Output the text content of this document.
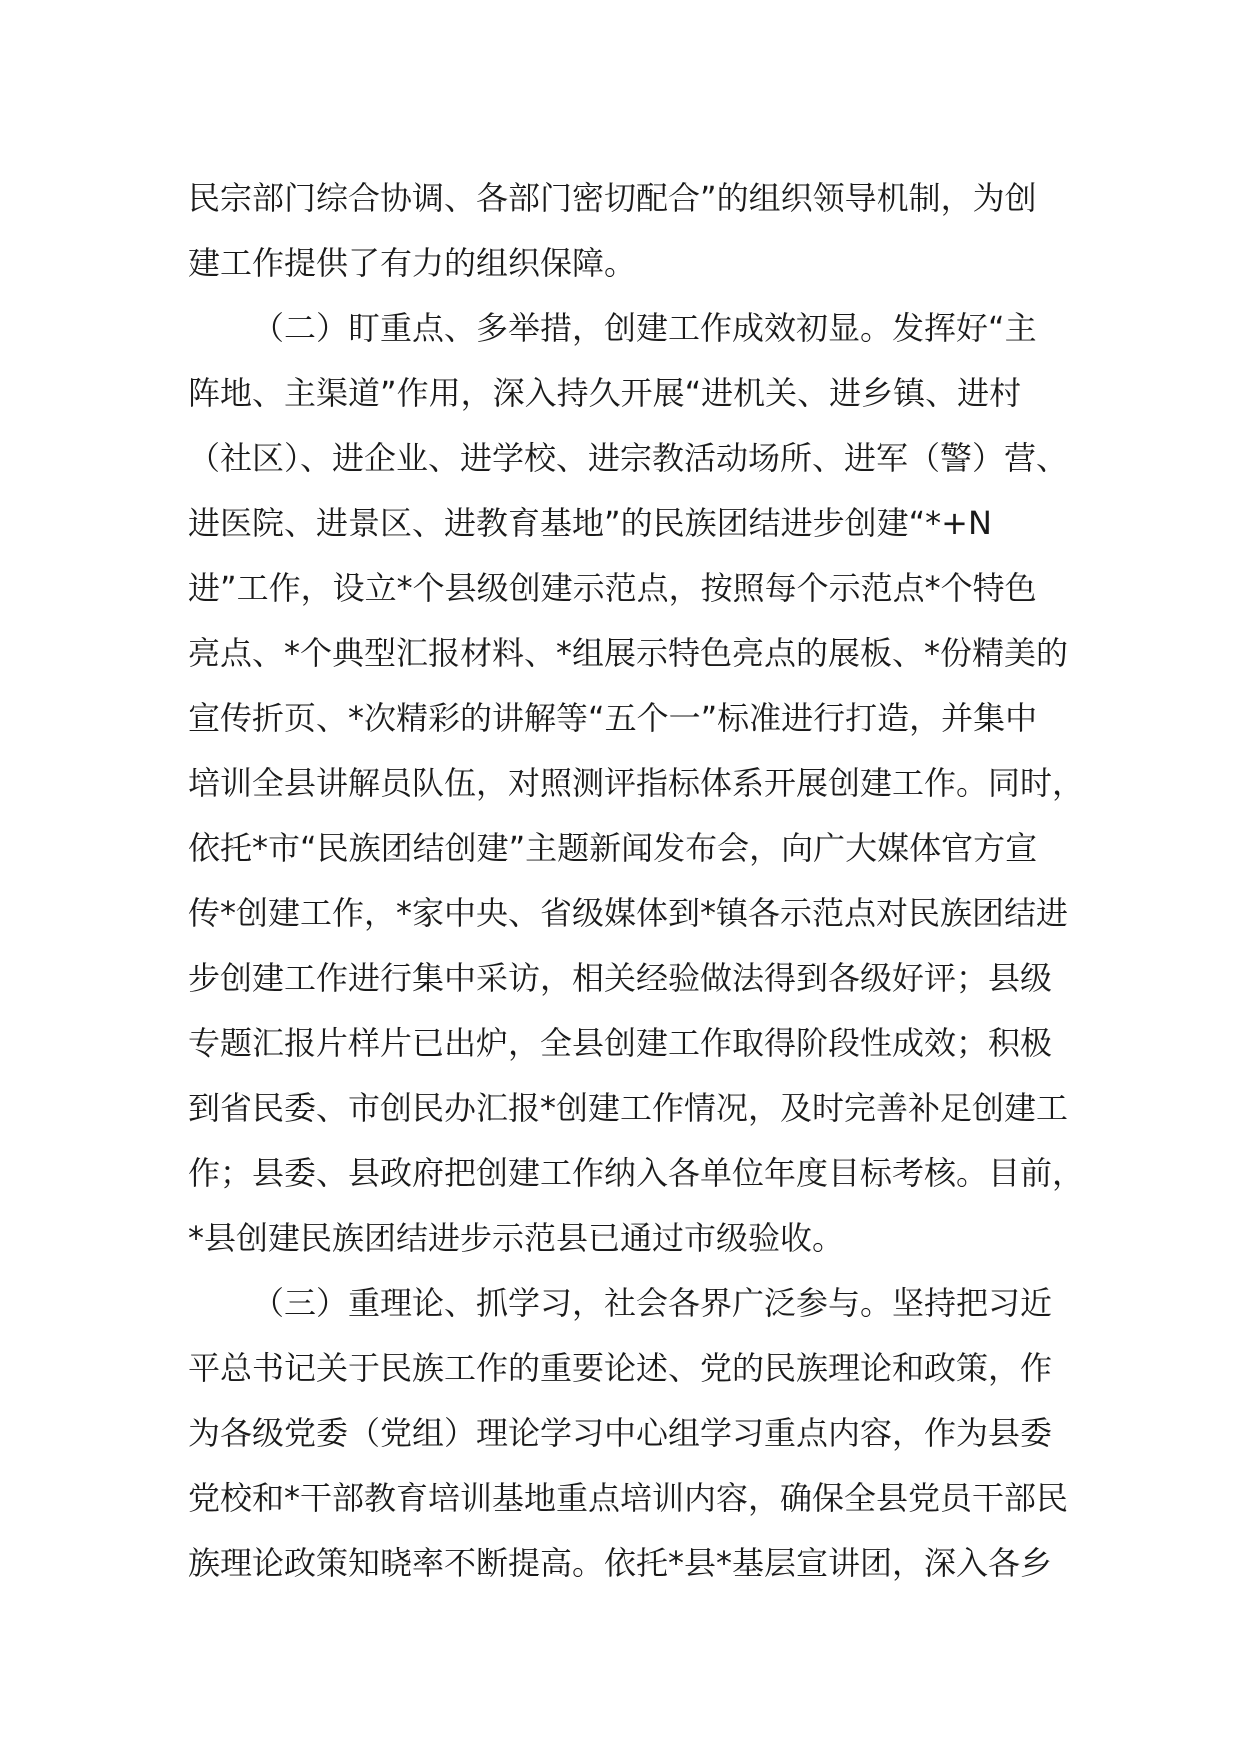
民宗部门综合协调、各部门密切配合”的组织领导机制，为创
建工作提供了有力的组织保障。
（二）盯重点、多举措，创建工作成效初显。发挥好“主
阵地、主渠道”作用，深入持久开展“进机关、进乡镇、进村
（社区）、进企业、进学校、进宗教活动场所、进军（警）营、
进医院、进景区、进教育基地”的民族团结进步创建“*+N
进”工作，设立*个县级创建示范点，按照每个示范点*个特色
亮点、*个典型汇报材料、*组展示特色亮点的展板、*份精美的
宣传折页、*次精彩的讲解等“五个一”标准进行打造，并集中
培训全县讲解员队伍，对照测评指标体系开展创建工作。同时，
依托*市“民族团结创建”主题新闻发布会，向广大媒体官方宣
传*创建工作，*家中央、省级媒体到*镇各示范点对民族团结进
步创建工作进行集中采访，相关经验做法得到各级好评；县级
专题汇报片样片已出炉，全县创建工作取得阶段性成效；积极
到省民委、市创民办汇报*创建工作情况，及时完善补足创建工
作；县委、县政府把创建工作纳入各单位年度目标考核。目前，
*县创建民族团结进步示范县已通过市级验收。
（三）重理论、抓学习，社会各界广泛参与。坚持把习近
平总书记关于民族工作的重要论述、党的民族理论和政策，作
为各级党委（党组）理论学习中心组学习重点内容，作为县委
党校和*干部教育培训基地重点培训内容，确保全县党员干部民
族理论政策知晓率不断提高。依托*县*基层宣讲团，深入各乡
